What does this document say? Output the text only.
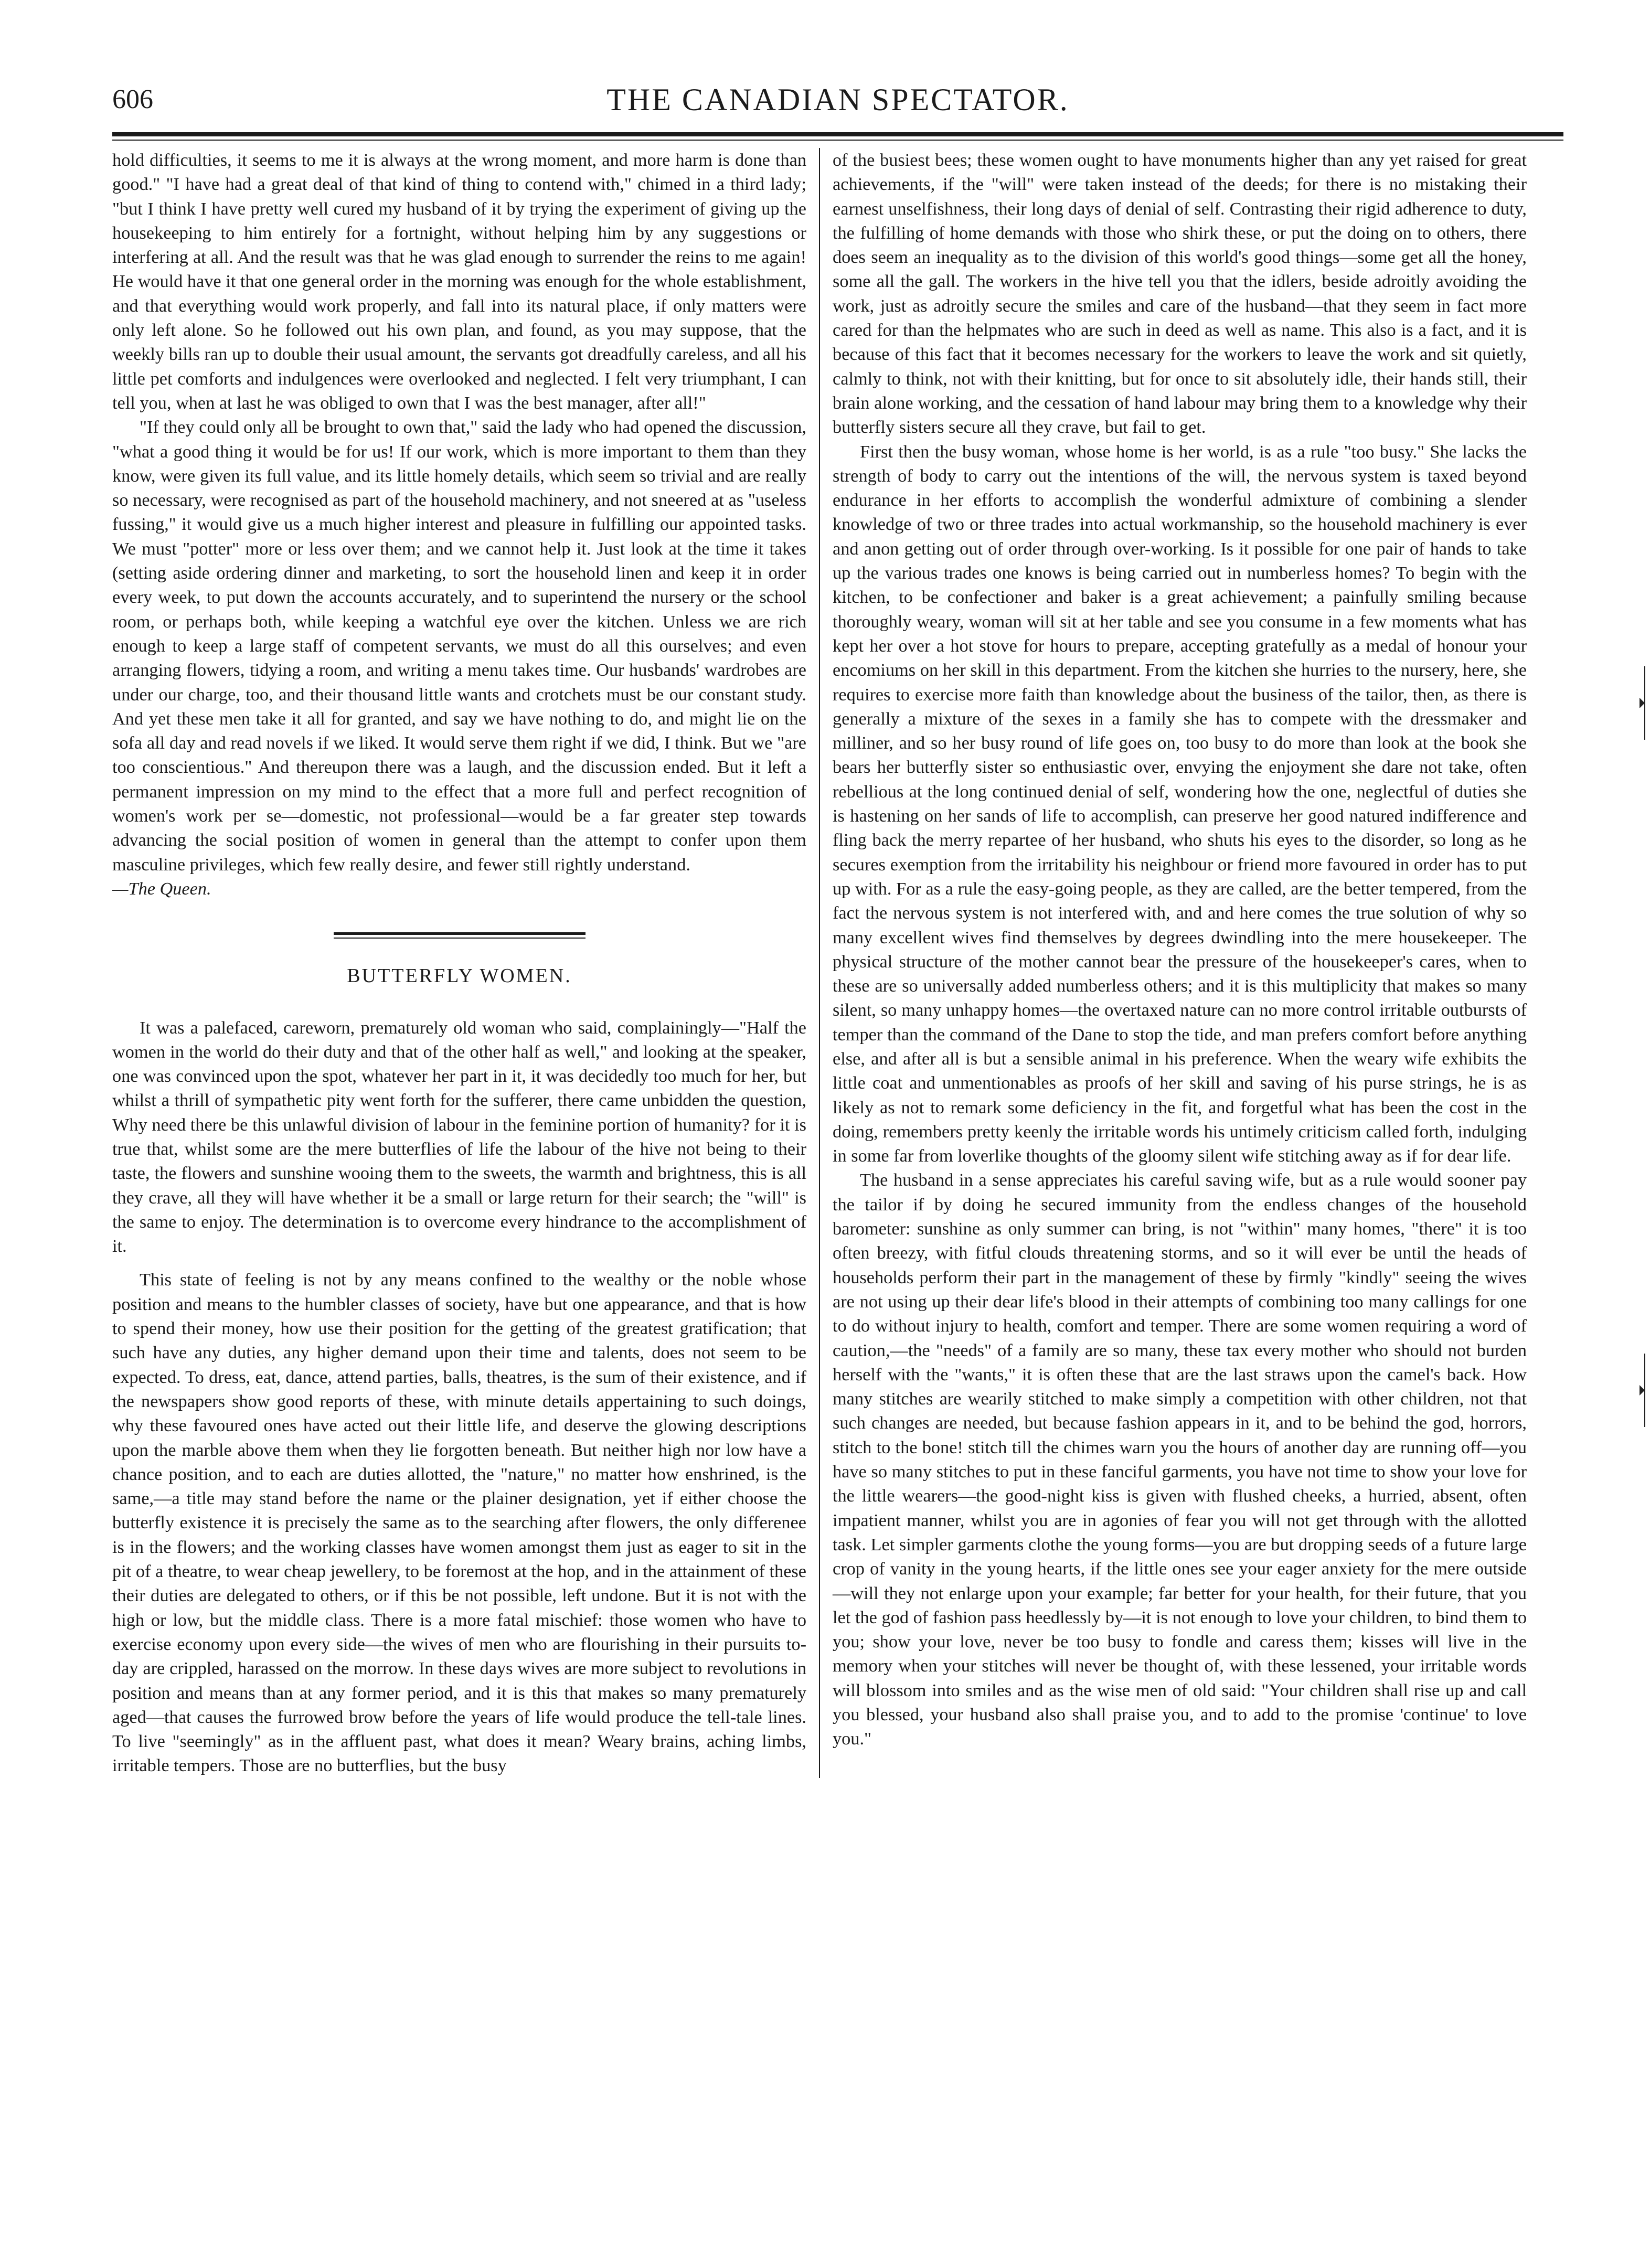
606	THE CANADIAN SPECTATOR.

hold difficulties, it seems to me it is always at the wrong moment, and more harm is done than good." "I have had a great deal of that kind of thing to contend with," chimed in a third lady; "but I think I have pretty well cured my husband of it by trying the experiment of giving up the housekeeping to him entirely for a fortnight, without helping him by any suggestions or interfering at all. And the result was that he was glad enough to surrender the reins to me again! He would have it that one general order in the morning was enough for the whole establishment, and that everything would work properly, and fall into its natural place, if only matters were only left alone. So he followed out his own plan, and found, as you may suppose, that the weekly bills ran up to double their usual amount, the servants got dreadfully careless, and all his little pet comforts and indulgences were overlooked and neglected. I felt very triumphant, I can tell you, when at last he was obliged to own that I was the best manager, after all!"

"If they could only all be brought to own that," said the lady who had opened the discussion, "what a good thing it would be for us! If our work, which is more important to them than they know, were given its full value, and its little homely details, which seem so trivial and are really so necessary, were recognised as part of the household machinery, and not sneered at as "useless fussing," it would give us a much higher interest and pleasure in fulfilling our appointed tasks. We must "potter" more or less over them; and we cannot help it. Just look at the time it takes (setting aside ordering dinner and marketing, to sort the household linen and keep it in order every week, to put down the accounts accurately, and to superintend the nursery or the school room, or perhaps both, while keeping a watchful eye over the kitchen. Unless we are rich enough to keep a large staff of competent servants, we must do all this ourselves; and even arranging flowers, tidying a room, and writing a menu takes time. Our husbands' wardrobes are under our charge, too, and their thousand little wants and crotchets must be our constant study. And yet these men take it all for granted, and say we have nothing to do, and might lie on the sofa all day and read novels if we liked. It would serve them right if we did, I think. But we "are too conscientious." And thereupon there was a laugh, and the discussion ended. But it left a permanent impression on my mind to the effect that a more full and perfect recognition of women's work per se—domestic, not professional—would be a far greater step towards advancing the social position of women in general than the attempt to confer upon them masculine privileges, which few really desire, and fewer still rightly understand.

—The Queen.

BUTTERFLY WOMEN.

It was a palefaced, careworn, prematurely old woman who said, complainingly—"Half the women in the world do their duty and that of the other half as well," and looking at the speaker, one was convinced upon the spot, whatever her part in it, it was decidedly too much for her, but whilst a thrill of sympathetic pity went forth for the sufferer, there came unbidden the question, Why need there be this unlawful division of labour in the feminine portion of humanity? for it is true that, whilst some are the mere butterflies of life the labour of the hive not being to their taste, the flowers and sunshine wooing them to the sweets, the warmth and brightness, this is all they crave, all they will have whether it be a small or large return for their search; the "will" is the same to enjoy. The determination is to overcome every hindrance to the accomplishment of it.

This state of feeling is not by any means confined to the wealthy or the noble whose position and means to the humbler classes of society, have but one appearance, and that is how to spend their money, how use their position for the getting of the greatest gratification; that such have any duties, any higher demand upon their time and talents, does not seem to be expected. To dress, eat, dance, attend parties, balls, theatres, is the sum of their existence, and if the newspapers show good reports of these, with minute details appertaining to such doings, why these favoured ones have acted out their little life, and deserve the glowing descriptions upon the marble above them when they lie forgotten beneath. But neither high nor low have a chance position, and to each are duties allotted, the "nature," no matter how enshrined, is the same,—a title may stand before the name or the plainer designation, yet if either choose the butterfly existence it is precisely the same as to the searching after flowers, the only differenee is in the flowers; and the working classes have women amongst them just as eager to sit in the pit of a theatre, to wear cheap jewellery, to be foremost at the hop, and in the attainment of these their duties are delegated to others, or if this be not possible, left undone. But it is not with the high or low, but the middle class. There is a more fatal mischief: those women who have to exercise economy upon every side—the wives of men who are flourishing in their pursuits to-day are crippled, harassed on the morrow. In these days wives are more subject to revolutions in position and means than at any former period, and it is this that makes so many prematurely aged—that causes the furrowed brow before the years of life would produce the tell-tale lines. To live "seemingly" as in the affluent past, what does it mean? Weary brains, aching limbs, irritable tempers. Those are no butterflies, but the busy

of the busiest bees; these women ought to have monuments higher than any yet raised for great achievements, if the "will" were taken instead of the deeds; for there is no mistaking their earnest unselfishness, their long days of denial of self. Contrasting their rigid adherence to duty, the fulfilling of home demands with those who shirk these, or put the doing on to others, there does seem an inequality as to the division of this world's good things—some get all the honey, some all the gall. The workers in the hive tell you that the idlers, beside adroitly avoiding the work, just as adroitly secure the smiles and care of the husband—that they seem in fact more cared for than the helpmates who are such in deed as well as name. This also is a fact, and it is because of this fact that it becomes necessary for the workers to leave the work and sit quietly, calmly to think, not with their knitting, but for once to sit absolutely idle, their hands still, their brain alone working, and the cessation of hand labour may bring them to a knowledge why their butterfly sisters secure all they crave, but fail to get.

First then the busy woman, whose home is her world, is as a rule "too busy." She lacks the strength of body to carry out the intentions of the will, the nervous system is taxed beyond endurance in her efforts to accomplish the wonderful admixture of combining a slender knowledge of two or three trades into actual workmanship, so the household machinery is ever and anon getting out of order through over-working. Is it possible for one pair of hands to take up the various trades one knows is being carried out in numberless homes? To begin with the kitchen, to be confectioner and baker is a great achievement; a painfully smiling because thoroughly weary, woman will sit at her table and see you consume in a few moments what has kept her over a hot stove for hours to prepare, accepting gratefully as a medal of honour your encomiums on her skill in this department. From the kitchen she hurries to the nursery, here, she requires to exercise more faith than knowledge about the business of the tailor, then, as there is generally a mixture of the sexes in a family she has to compete with the dressmaker and milliner, and so her busy round of life goes on, too busy to do more than look at the book she bears her butterfly sister so enthusiastic over, envying the enjoyment she dare not take, often rebellious at the long continued denial of self, wondering how the one, neglectful of duties she is hastening on her sands of life to accomplish, can preserve her good natured indifference and fling back the merry repartee of her husband, who shuts his eyes to the disorder, so long as he secures exemption from the irritability his neighbour or friend more favoured in order has to put up with. For as a rule the easy-going people, as they are called, are the better tempered, from the fact the nervous system is not interfered with, and and here comes the true solution of why so many excellent wives find themselves by degrees dwindling into the mere housekeeper. The physical structure of the mother cannot bear the pressure of the housekeeper's cares, when to these are so universally added numberless others; and it is this multiplicity that makes so many silent, so many unhappy homes—the overtaxed nature can no more control irritable outbursts of temper than the command of the Dane to stop the tide, and man prefers comfort before anything else, and after all is but a sensible animal in his preference. When the weary wife exhibits the little coat and unmentionables as proofs of her skill and saving of his purse strings, he is as likely as not to remark some deficiency in the fit, and forgetful what has been the cost in the doing, remembers pretty keenly the irritable words his untimely criticism called forth, indulging in some far from loverlike thoughts of the gloomy silent wife stitching away as if for dear life.

The husband in a sense appreciates his careful saving wife, but as a rule would sooner pay the tailor if by doing he secured immunity from the endless changes of the household barometer: sunshine as only summer can bring, is not "within" many homes, "there" it is too often breezy, with fitful clouds threatening storms, and so it will ever be until the heads of households perform their part in the management of these by firmly "kindly" seeing the wives are not using up their dear life's blood in their attempts of combining too many callings for one to do without injury to health, comfort and temper. There are some women requiring a word of caution,—the "needs" of a family are so many, these tax every mother who should not burden herself with the "wants," it is often these that are the last straws upon the camel's back. How many stitches are wearily stitched to make simply a competition with other children, not that such changes are needed, but because fashion appears in it, and to be behind the god, horrors, stitch to the bone! stitch till the chimes warn you the hours of another day are running off—you have so many stitches to put in these fanciful garments, you have not time to show your love for the little wearers—the good-night kiss is given with flushed cheeks, a hurried, absent, often impatient manner, whilst you are in agonies of fear you will not get through with the allotted task. Let simpler garments clothe the young forms—you are but dropping seeds of a future large crop of vanity in the young hearts, if the little ones see your eager anxiety for the mere outside—will they not enlarge upon your example; far better for your health, for their future, that you let the god of fashion pass heedlessly by—it is not enough to love your children, to bind them to you; show your love, never be too busy to fondle and caress them; kisses will live in the memory when your stitches will never be thought of, with these lessened, your irritable words will blossom into smiles and as the wise men of old said: "Your children shall rise up and call you blessed, your husband also shall praise you, and to add to the promise 'continue' to love you."
